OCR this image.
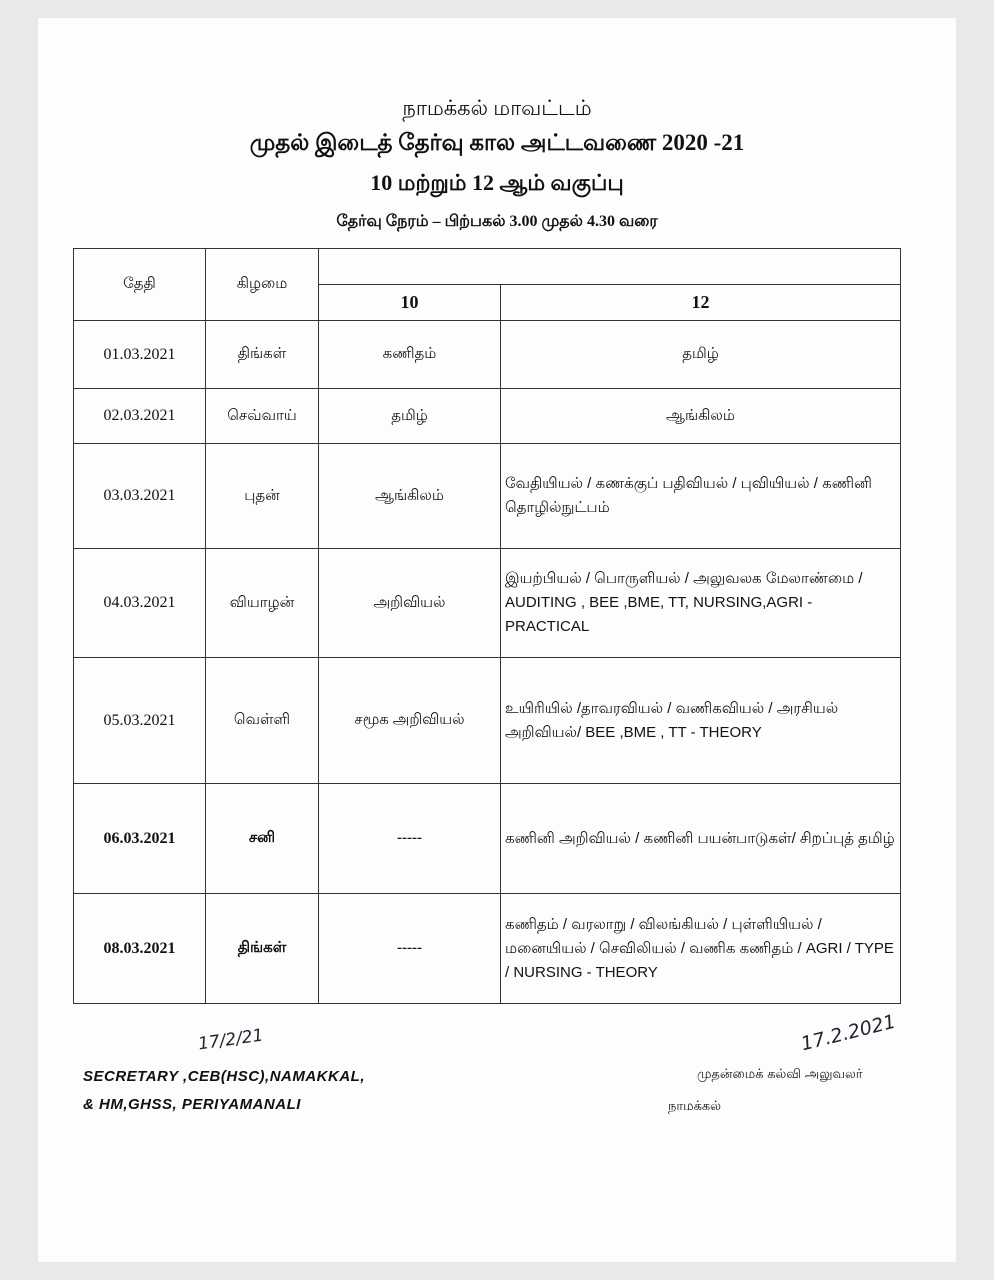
நாமக்கல் மாவட்டம்
முதல் இடைத் தேர்வு கால அட்டவணை 2020 -21
10 மற்றும் 12 ஆம் வகுப்பு
தேர்வு நேரம் – பிற்பகல் 3.00 முதல் 4.30 வரை
தேதி	கிழமை		
		10	12
01.03.2021	திங்கள்	கணிதம்	தமிழ்
02.03.2021	செவ்வாய்	தமிழ்	ஆங்கிலம்
03.03.2021	புதன்	ஆங்கிலம்	வேதியியல் / கணக்குப் பதிவியல் / புவியியல் / கணினி தொழில்நுட்பம்
04.03.2021	வியாழன்	அறிவியல்	இயற்பியல் / பொருளியல் / அலுவலக மேலாண்மை / AUDITING , BEE ,BME, TT, NURSING,AGRI - PRACTICAL
05.03.2021	வெள்ளி	சமூக அறிவியல்	உயிரியில் /தாவரவியல் / வணிகவியல் / அரசியல் அறிவியல்/ BEE ,BME , TT - THEORY
06.03.2021	சனி	-----	கணினி அறிவியல் / கணினி பயன்பாடுகள்/ சிறப்புத் தமிழ்
08.03.2021	திங்கள்	-----	கணிதம் / வரலாறு / விலங்கியல் / புள்ளியியல் / மனையியல் / செவிலியல் / வணிக கணிதம் / AGRI / TYPE / NURSING - THEORY
17/2/21
SECRETARY ,CEB(HSC),NAMAKKAL,
& HM,GHSS, PERIYAMANALI
17.2.2021
முதன்மைக் கல்வி அலுவலர்
நாமக்கல்
